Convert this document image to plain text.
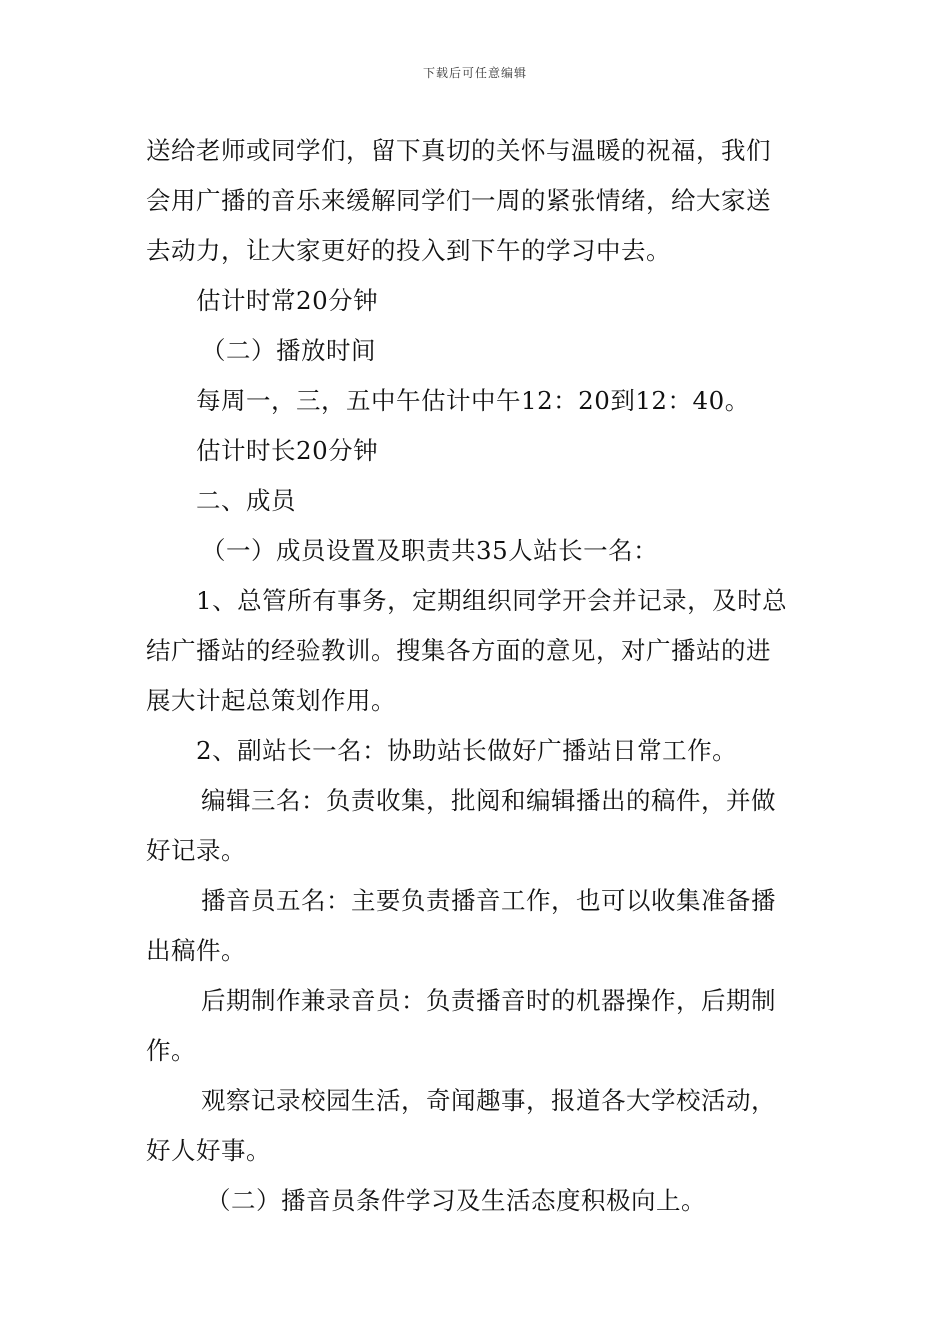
下载后可任意编辑
送给老师或同学们，留下真切的关怀与温暖的祝福，我们
会用广播的音乐来缓解同学们一周的紧张情绪，给大家送
去动力，让大家更好的投入到下午的学习中去。
估计时常20分钟
（二）播放时间
每周一，三，五中午估计中午12：20到12：40。
估计时长20分钟
二、成员
（一）成员设置及职责共35人站长一名：
1、总管所有事务，定期组织同学开会并记录，及时总
结广播站的经验教训。搜集各方面的意见，对广播站的进
展大计起总策划作用。
2、副站长一名：协助站长做好广播站日常工作。
编辑三名：负责收集，批阅和编辑播出的稿件，并做
好记录。
播音员五名：主要负责播音工作，也可以收集准备播
出稿件。
后期制作兼录音员：负责播音时的机器操作，后期制
作。
观察记录校园生活，奇闻趣事，报道各大学校活动，
好人好事。
（二）播音员条件学习及生活态度积极向上。
